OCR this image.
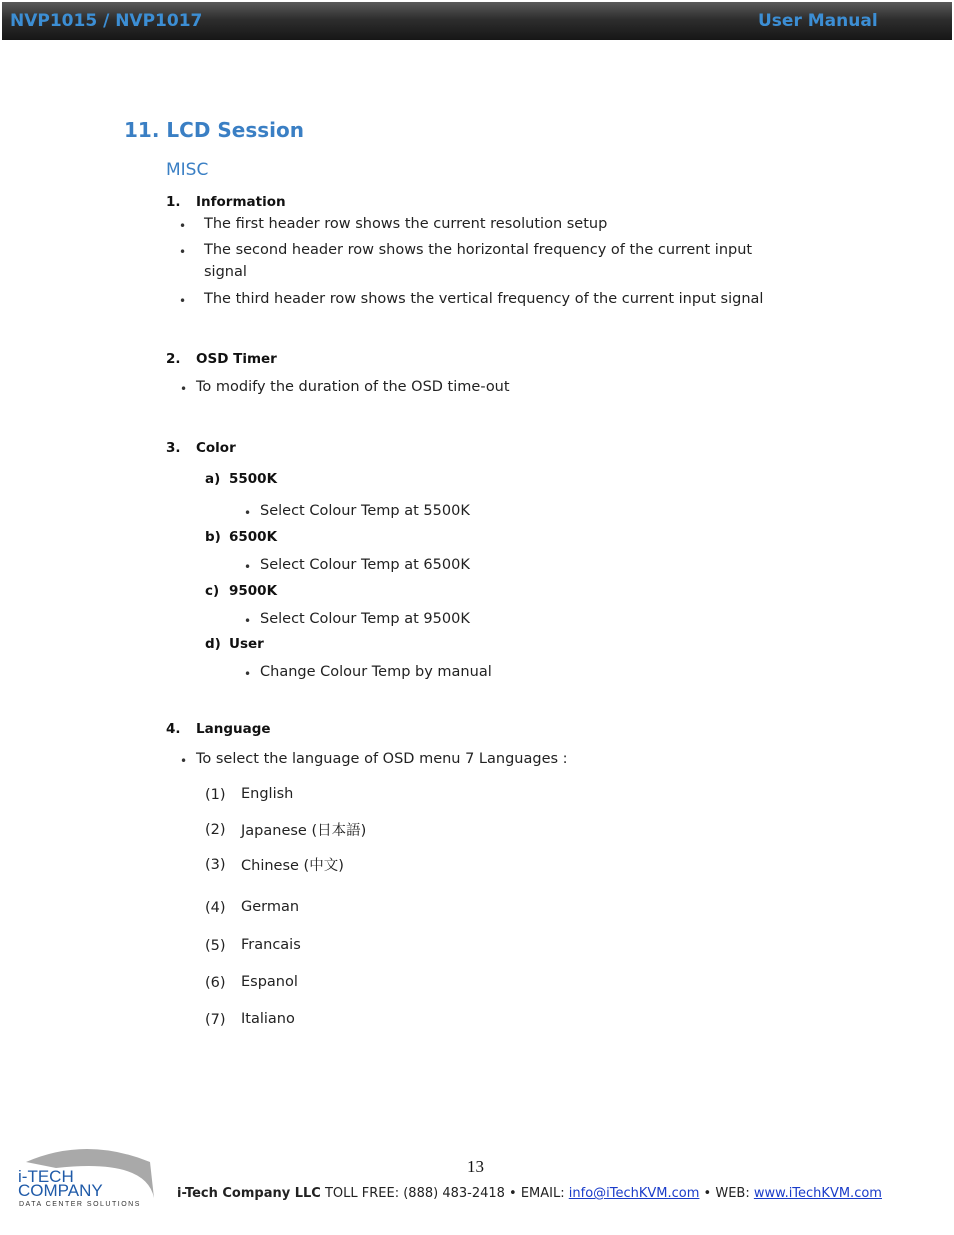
NVP1015 / NVP1017	User Manual
11. LCD Session
MISC
1. Information
• The first header row shows the current resolution setup
• The second header row shows the horizontal frequency of the current input
signal
• The third header row shows the vertical frequency of the current input signal
2. OSD Timer
• To modify the duration of the OSD time-out
3. Color
a) 5500K
• Select Colour Temp at 5500K
b) 6500K
• Select Colour Temp at 6500K
c) 9500K
• Select Colour Temp at 9500K
d) User
• Change Colour Temp by manual
4. Language
• To select the language of OSD menu 7 Languages :
(1) English
(2) Japanese (日本語)
(3) Chinese (中文)
(4) German
(5) Francais
(6) Espanol
(7) Italiano
i-TECH
COMPANY
DATA CENTER SOLUTIONS
13
i-Tech Company LLC TOLL FREE: (888) 483-2418 • EMAIL: info@iTechKVM.com • WEB: www.iTechKVM.com
